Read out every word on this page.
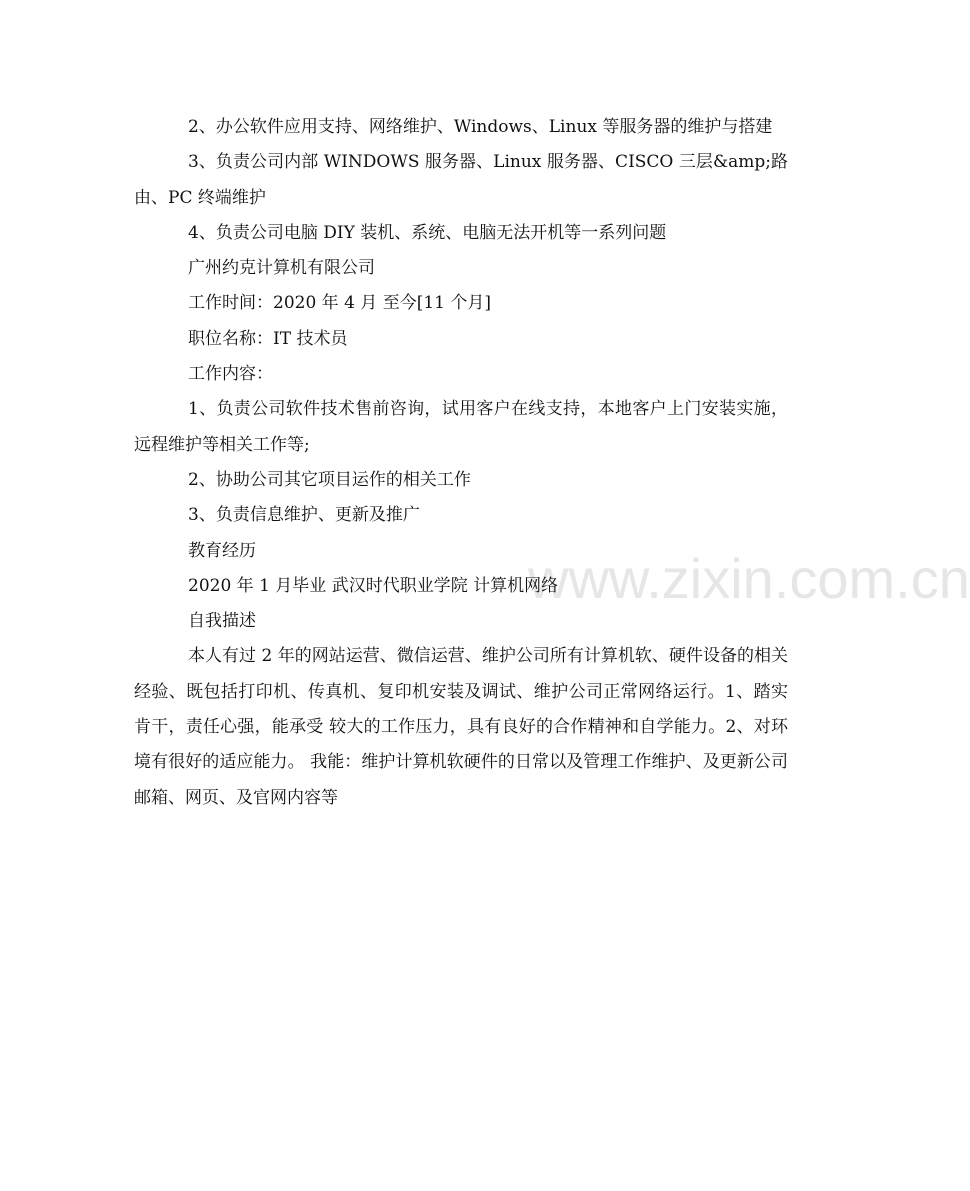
www.zixin.com.cn

2、办公软件应用支持、网络维护、Windows、Linux 等服务器的维护与搭建

3、负责公司内部 WINDOWS 服务器、Linux 服务器、CISCO 三层&amp;路由、PC 终端维护

4、负责公司电脑 DIY 装机、系统、电脑无法开机等一系列问题

广州约克计算机有限公司

工作时间：2020 年 4 月 至今[11 个月]

职位名称：IT 技术员

工作内容：

1、负责公司软件技术售前咨询，试用客户在线支持，本地客户上门安装实施，远程维护等相关工作等;

2、协助公司其它项目运作的相关工作

3、负责信息维护、更新及推广

教育经历

2020 年 1 月毕业 武汉时代职业学院 计算机网络

自我描述

本人有过 2 年的网站运营、微信运营、维护公司所有计算机软、硬件设备的相关经验、既包括打印机、传真机、复印机安装及调试、维护公司正常网络运行。1、踏实肯干，责任心强，能承受 较大的工作压力，具有良好的合作精神和自学能力。2、对环境有很好的适应能力。 我能：维护计算机软硬件的日常以及管理工作维护、及更新公司邮箱、网页、及官网内容等
